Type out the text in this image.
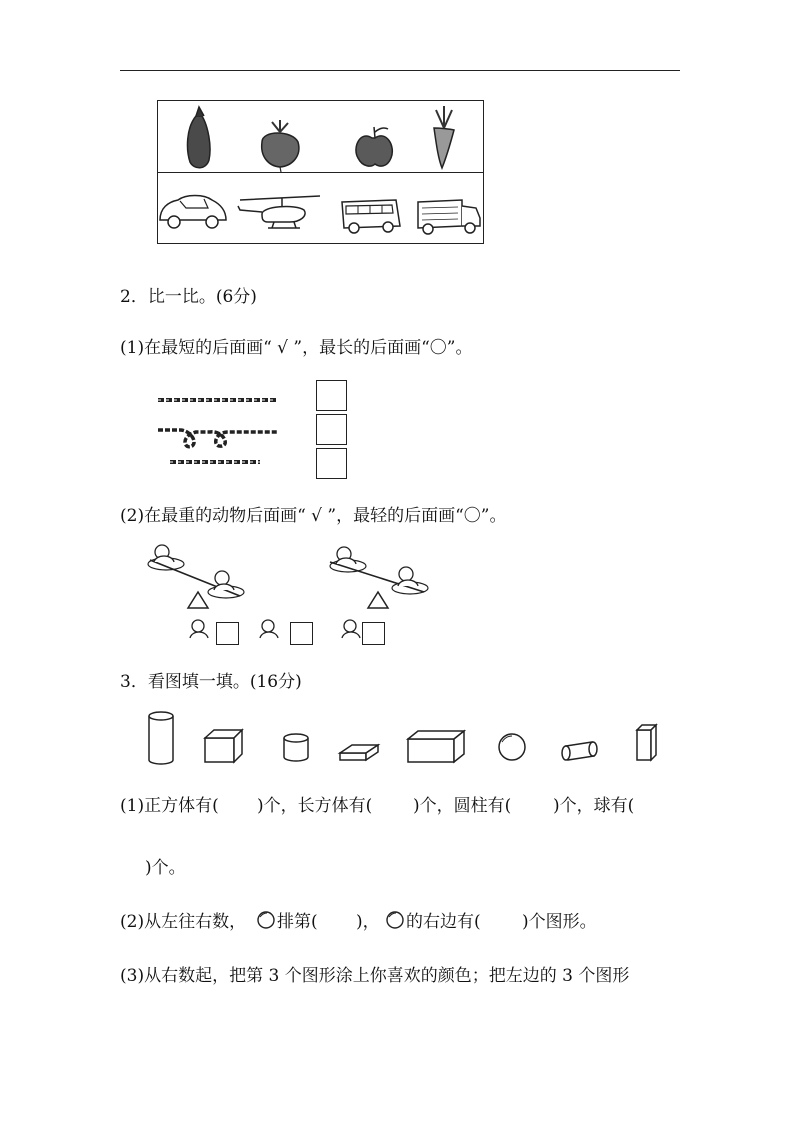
2．比一比。(6分)
(1)在最短的后面画“ √ ”，最长的后面画“〇”。
(2)在最重的动物后面画“ √ ”，最轻的后面画“〇”。
3．看图填一填。(16分)
(1)正方体有( )个，长方体有( )个，圆柱有( )个，球有(
)个。
(2)从左往右数， 排第( )， 的右边有( )个图形。
(3)从右数起，把第 3 个图形涂上你喜欢的颜色；把左边的 3 个图形
